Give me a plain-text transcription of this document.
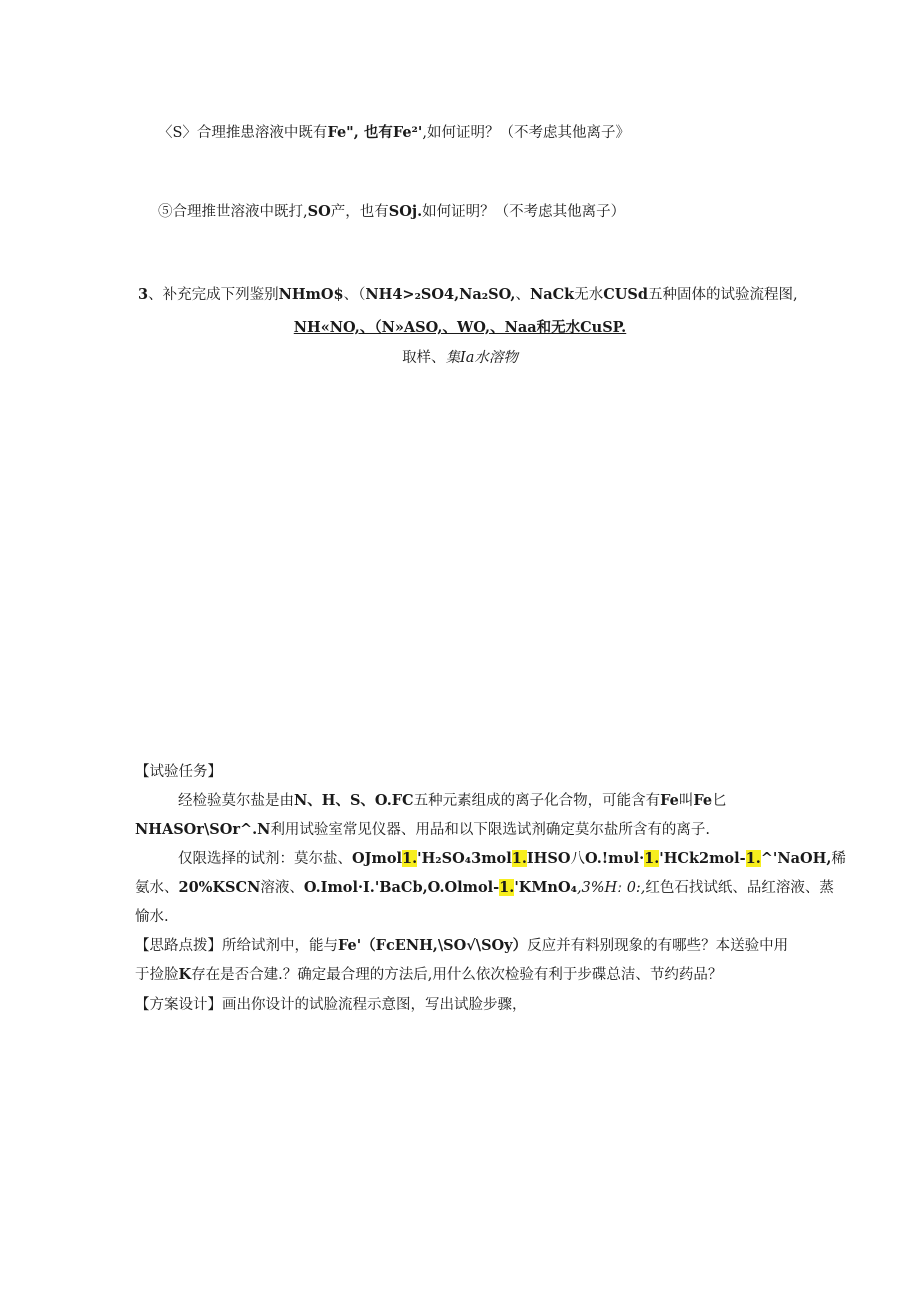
〈S〉合理推患溶液中既有Fe", 也有Fe²',如何证明？（不考虑其他离子》
⑤合理推世溶液中既打,SO产，也有SOj.如何证明？（不考虑其他离子）
3、补充完成下列鉴别NHmO$、（NH4>₂SO4,Na₂SO,、NaCk无水CUSd五种固体的试验流程图,
NH«NO,、（N»ASO,、WO,、Naa和无水CuSP.
取样、集Ia水溶物
【试验任务】
经检验莫尔盐是由N、H、S、O.FC五种元素组成的离子化合物，可能含有Fe叫Fe匕
NHASOr\SOr^.N利用试验室常见仪器、用品和以下限选试剂确定莫尔盐所含有的离子.
仅限选择的试剂：莫尔盐、OJmol1.'H₂SO₄3mol1.IHSO八O.!mυl·1.'HCk2mol-1.^'NaOH,稀
氨水、20%KSCN溶液、O.Imol·I.'BaCb,O.Olmol-1.'KMnO₄,3%Hː 0:,红色石找试纸、品红溶液、蒸
愉水.
【思路点拨】所给试剂中，能与Fe'（FcENH,\SO√\SOy）反应并有料别现象的有哪些？本送验中用
于捡脸K存在是否合建.？确定最合理的方法后,用什么依次检验有利于步碟总洁、节约药品？
【方案设计】画出你设计的试脸流程示意图，写出试脸步骤，
